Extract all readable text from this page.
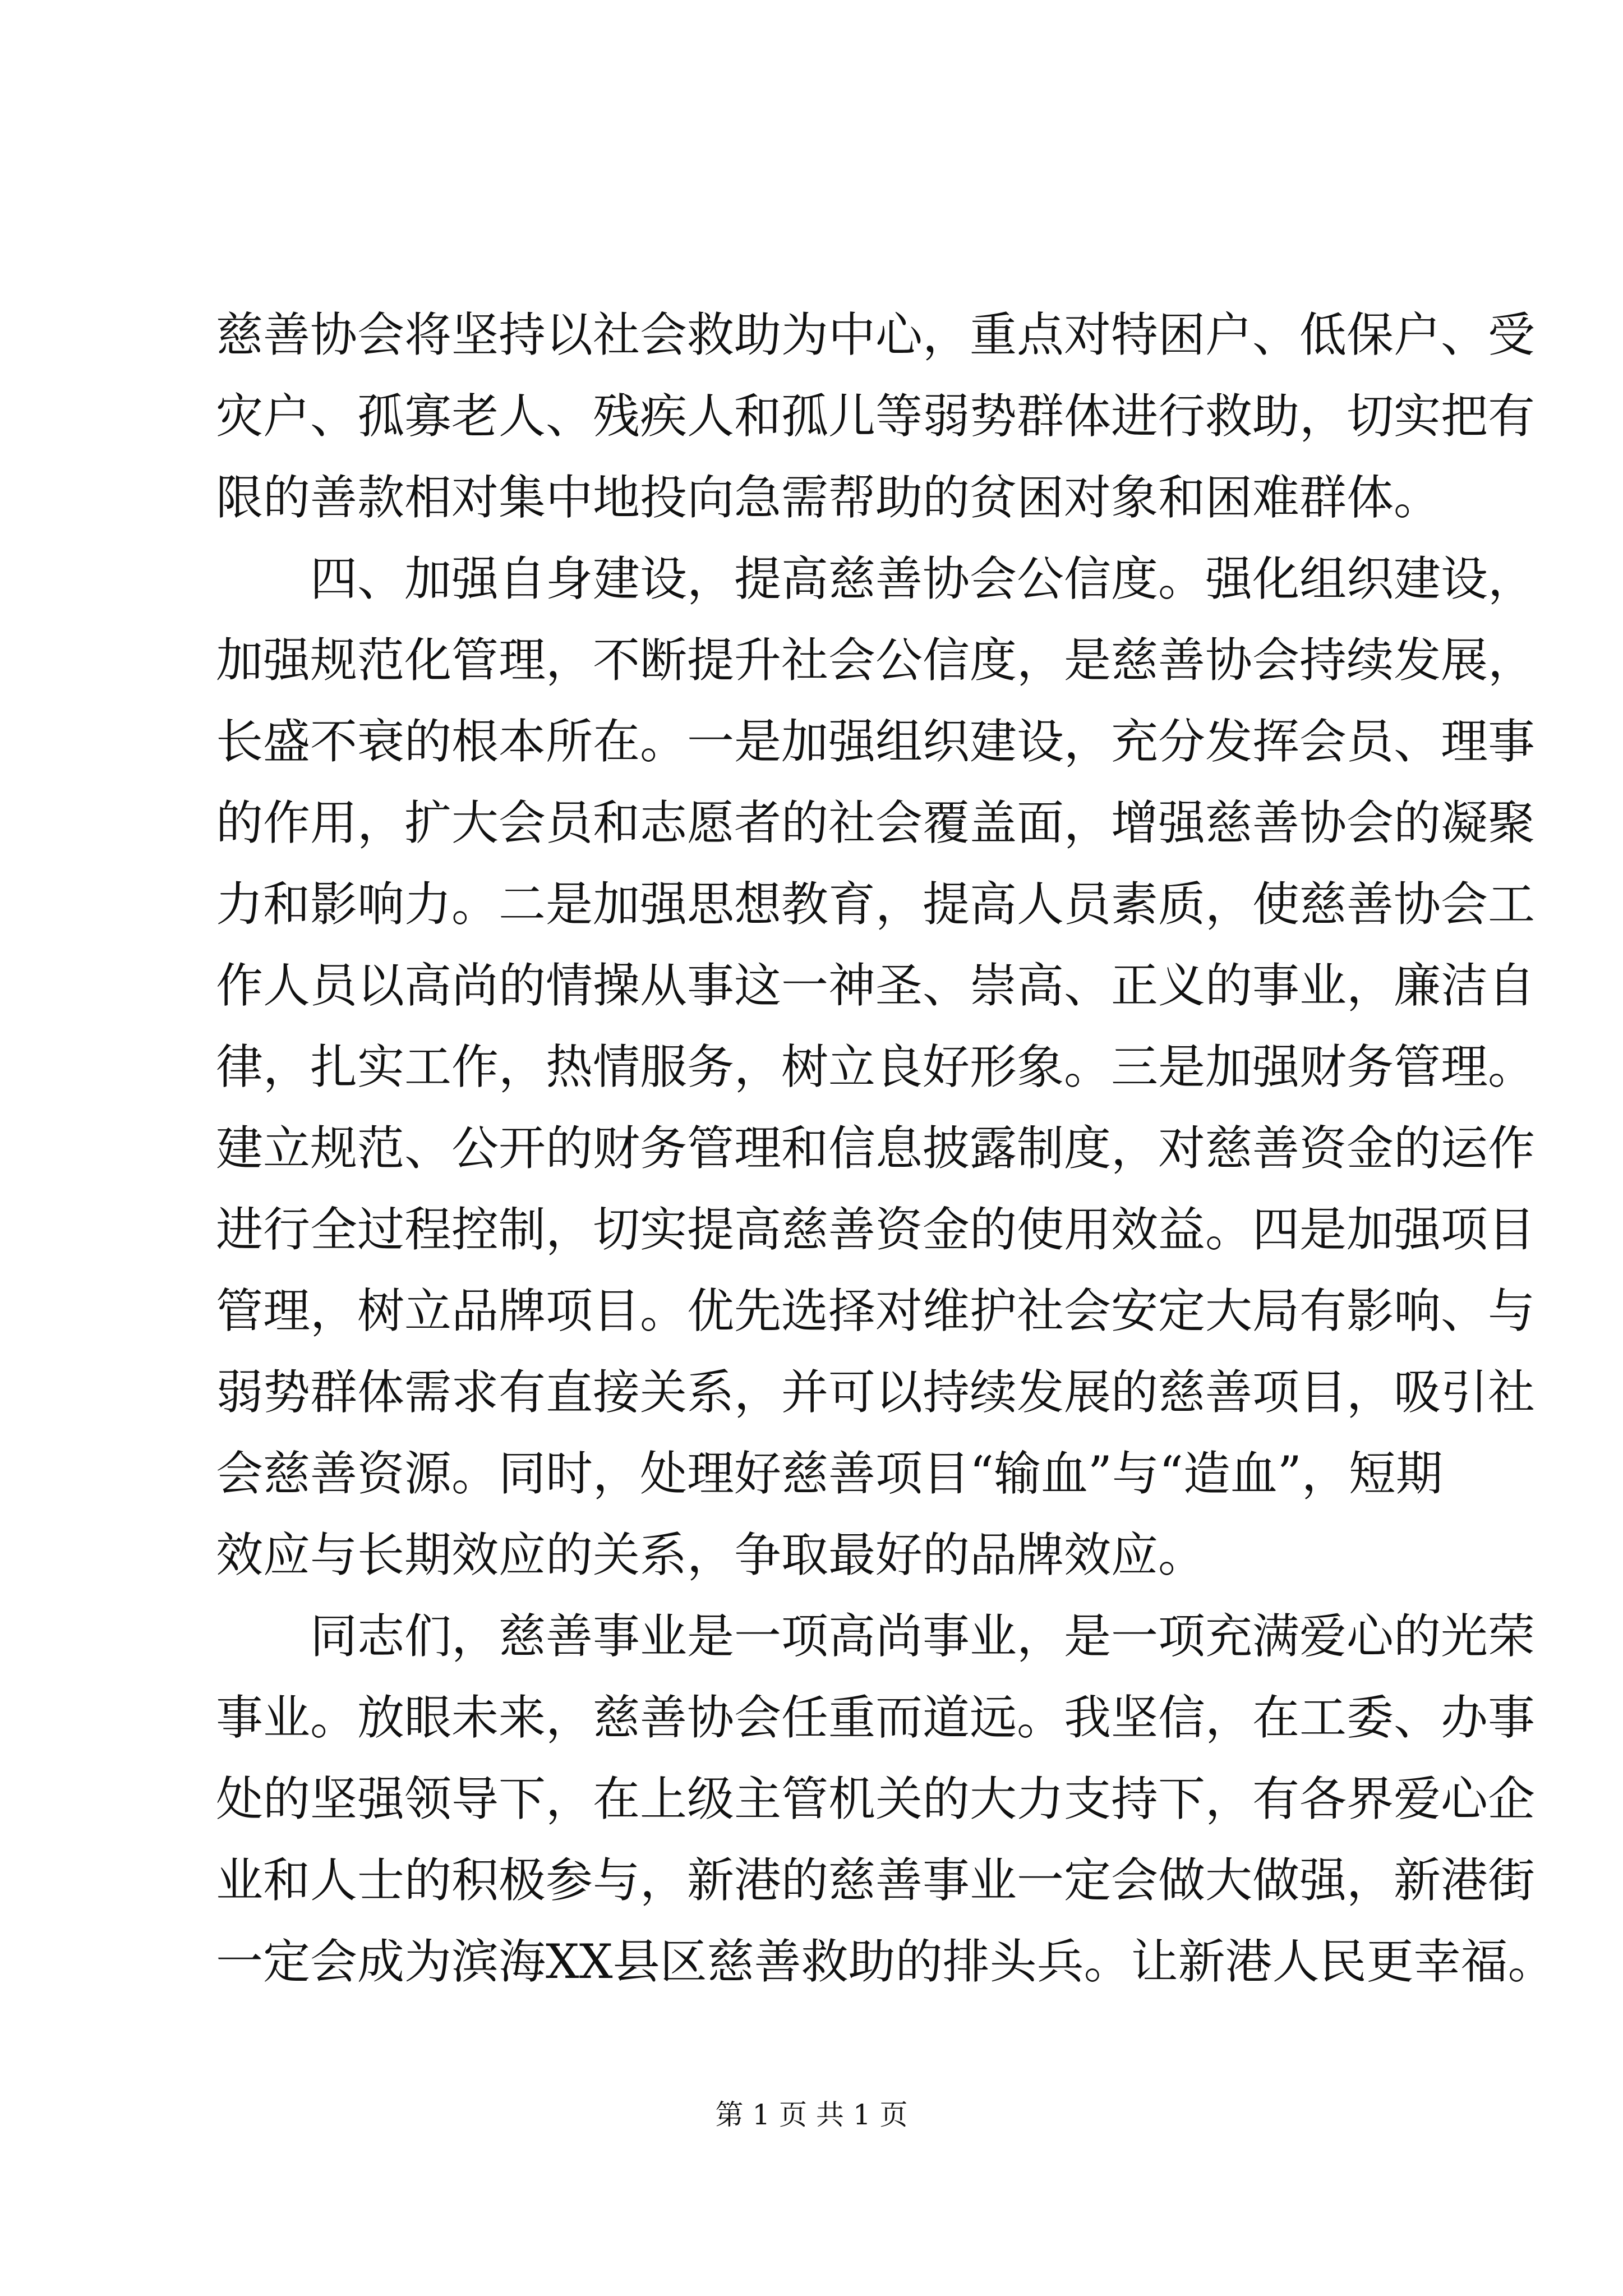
慈善协会将坚持以社会救助为中心，重点对特困户、低保户、受
灾户、孤寡老人、残疾人和孤儿等弱势群体进行救助，切实把有
限的善款相对集中地投向急需帮助的贫困对象和困难群体。
四、加强自身建设，提高慈善协会公信度。强化组织建设，
加强规范化管理，不断提升社会公信度，是慈善协会持续发展，
长盛不衰的根本所在。一是加强组织建设，充分发挥会员、理事
的作用，扩大会员和志愿者的社会覆盖面，增强慈善协会的凝聚
力和影响力。二是加强思想教育，提高人员素质，使慈善协会工
作人员以高尚的情操从事这一神圣、崇高、正义的事业，廉洁自
律，扎实工作，热情服务，树立良好形象。三是加强财务管理。
建立规范、公开的财务管理和信息披露制度，对慈善资金的运作
进行全过程控制，切实提高慈善资金的使用效益。四是加强项目
管理，树立品牌项目。优先选择对维护社会安定大局有影响、与
弱势群体需求有直接关系，并可以持续发展的慈善项目，吸引社
会慈善资源。同时，处理好慈善项目“输血”与“造血”，短期
效应与长期效应的关系，争取最好的品牌效应。
同志们，慈善事业是一项高尚事业，是一项充满爱心的光荣
事业。放眼未来，慈善协会任重而道远。我坚信，在工委、办事
处的坚强领导下，在上级主管机关的大力支持下，有各界爱心企
业和人士的积极参与，新港的慈善事业一定会做大做强，新港街
一定会成为滨海XX县区慈善救助的排头兵。让新港人民更幸福。
第 1 页 共 1 页
